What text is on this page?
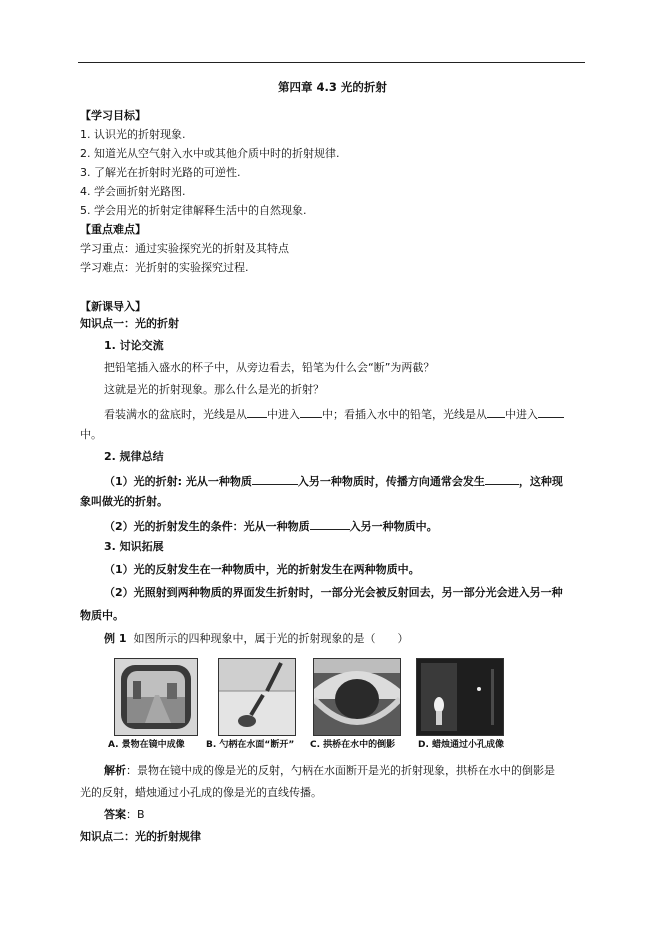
第四章 4.3 光的折射
【学习目标】
1. 认识光的折射现象.
2. 知道光从空气射入水中或其他介质中时的折射规律.
3. 了解光在折射时光路的可逆性.
4. 学会画折射光路图.
5. 学会用光的折射定律解释生活中的自然现象.
【重点难点】
学习重点：通过实验探究光的折射及其特点
学习难点：光折射的实验探究过程.
【新课导入】
知识点一：光的折射
1. 讨论交流
把铅笔插入盛水的杯子中，从旁边看去，铅笔为什么会“断”为两截？
这就是光的折射现象。那么什么是光的折射？
看装满水的盆底时，光线是从 中进入 中；看插入水中的铅笔，光线是从 中进入
中。
2. 规律总结
（1）光的折射: 光从一种物质	入另一种物质时，传播方向通常会发生	，这种现
象叫做光的折射。
（2）光的折射发生的条件：光从一种物质	入另一种物质中。
3. 知识拓展
（1）光的反射发生在一种物质中，光的折射发生在两种物质中。
（2）光照射到两种物质的界面发生折射时，一部分光会被反射回去，另一部分光会进入另一种
物质中。
例 1 如图所示的四种现象中，属于光的折射现象的是（　　）
A. 景物在镜中成像 B. 勺柄在水面“断开” C. 拱桥在水中的倒影	D. 蜡烛通过小孔成像
解析：景物在镜中成的像是光的反射，勺柄在水面断开是光的折射现象，拱桥在水中的倒影是
光的反射，蜡烛通过小孔成的像是光的直线传播。
答案：B
知识点二：光的折射规律
